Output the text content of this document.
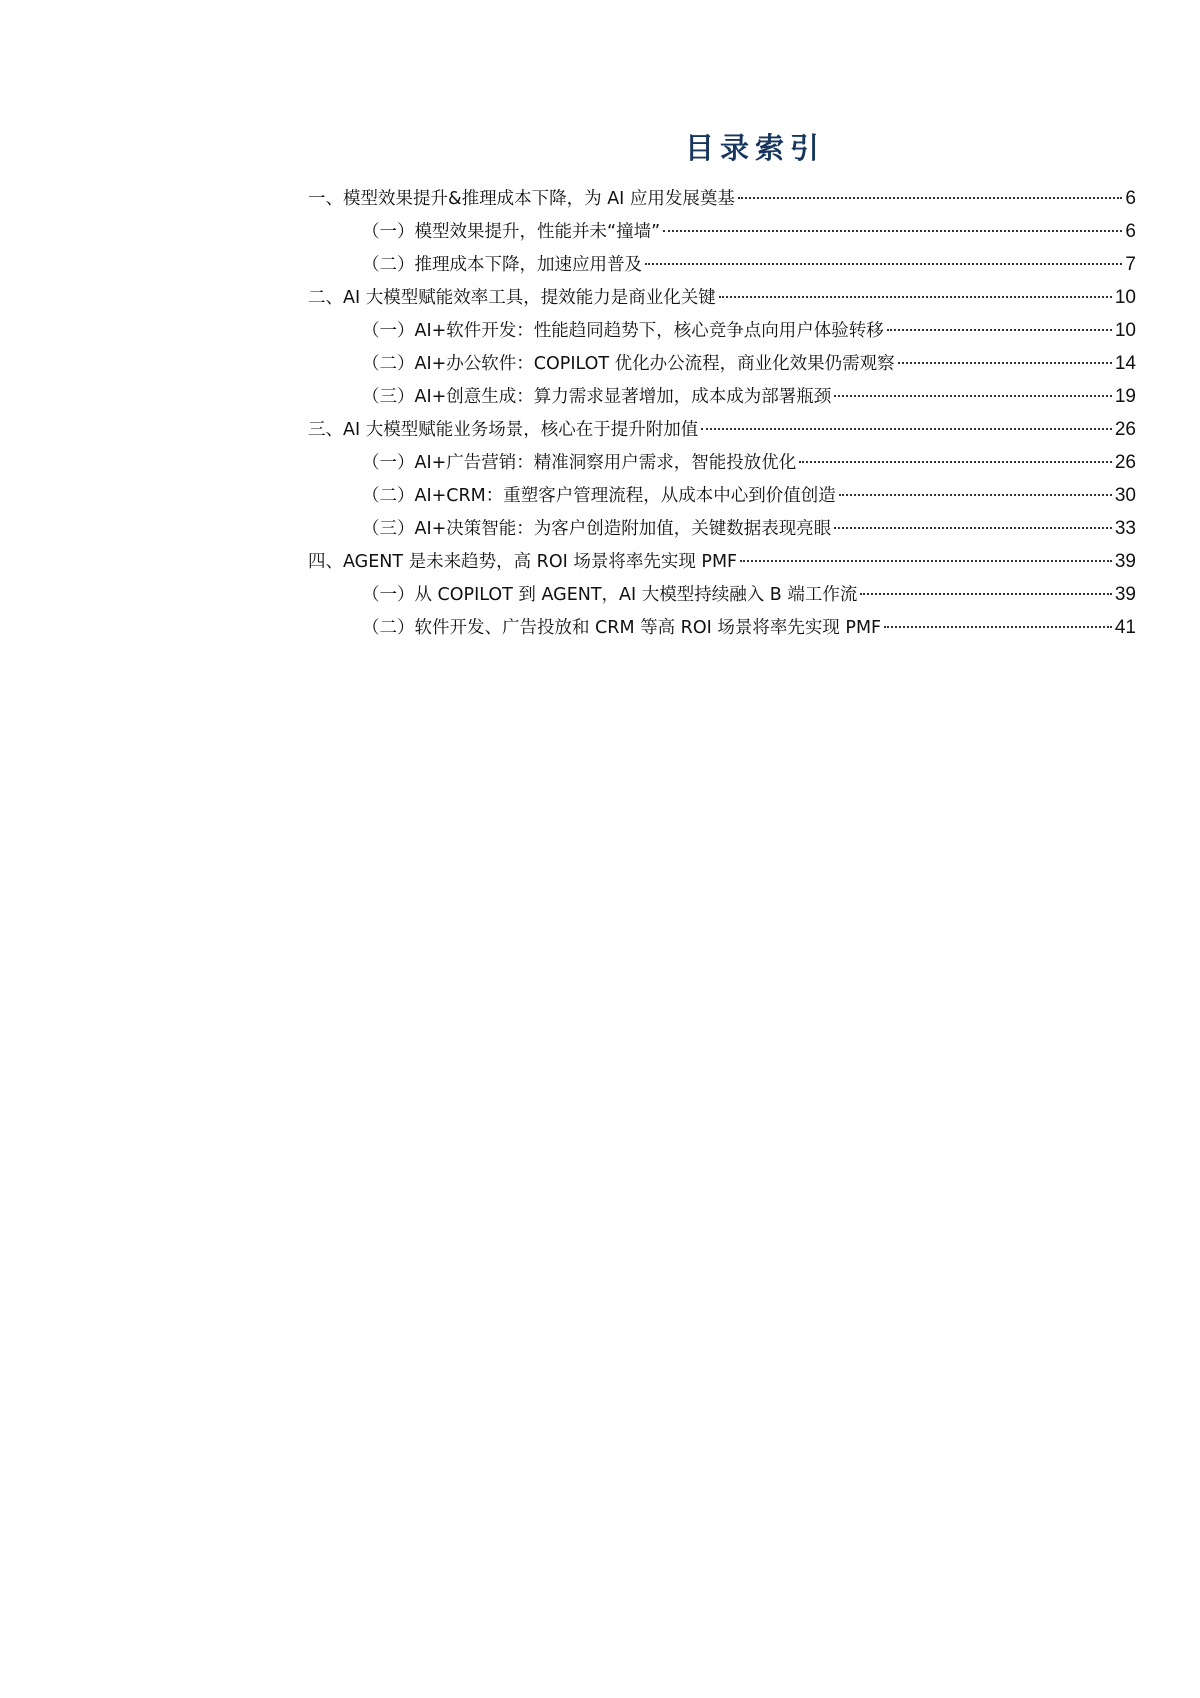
目录索引
一、模型效果提升&推理成本下降，为 AI 应用发展奠基	6
（一）模型效果提升，性能并未“撞墙”	6
（二）推理成本下降，加速应用普及	7
二、AI 大模型赋能效率工具，提效能力是商业化关键	10
（一）AI+软件开发：性能趋同趋势下，核心竞争点向用户体验转移	10
（二）AI+办公软件：COPILOT 优化办公流程，商业化效果仍需观察	14
（三）AI+创意生成：算力需求显著增加，成本成为部署瓶颈	19
三、AI 大模型赋能业务场景，核心在于提升附加值	26
（一）AI+广告营销：精准洞察用户需求，智能投放优化	26
（二）AI+CRM：重塑客户管理流程，从成本中心到价值创造	30
（三）AI+决策智能：为客户创造附加值，关键数据表现亮眼	33
四、AGENT 是未来趋势，高 ROI 场景将率先实现 PMF	39
（一）从 COPILOT 到 AGENT，AI 大模型持续融入 B 端工作流	39
（二）软件开发、广告投放和 CRM 等高 ROI 场景将率先实现 PMF	41
